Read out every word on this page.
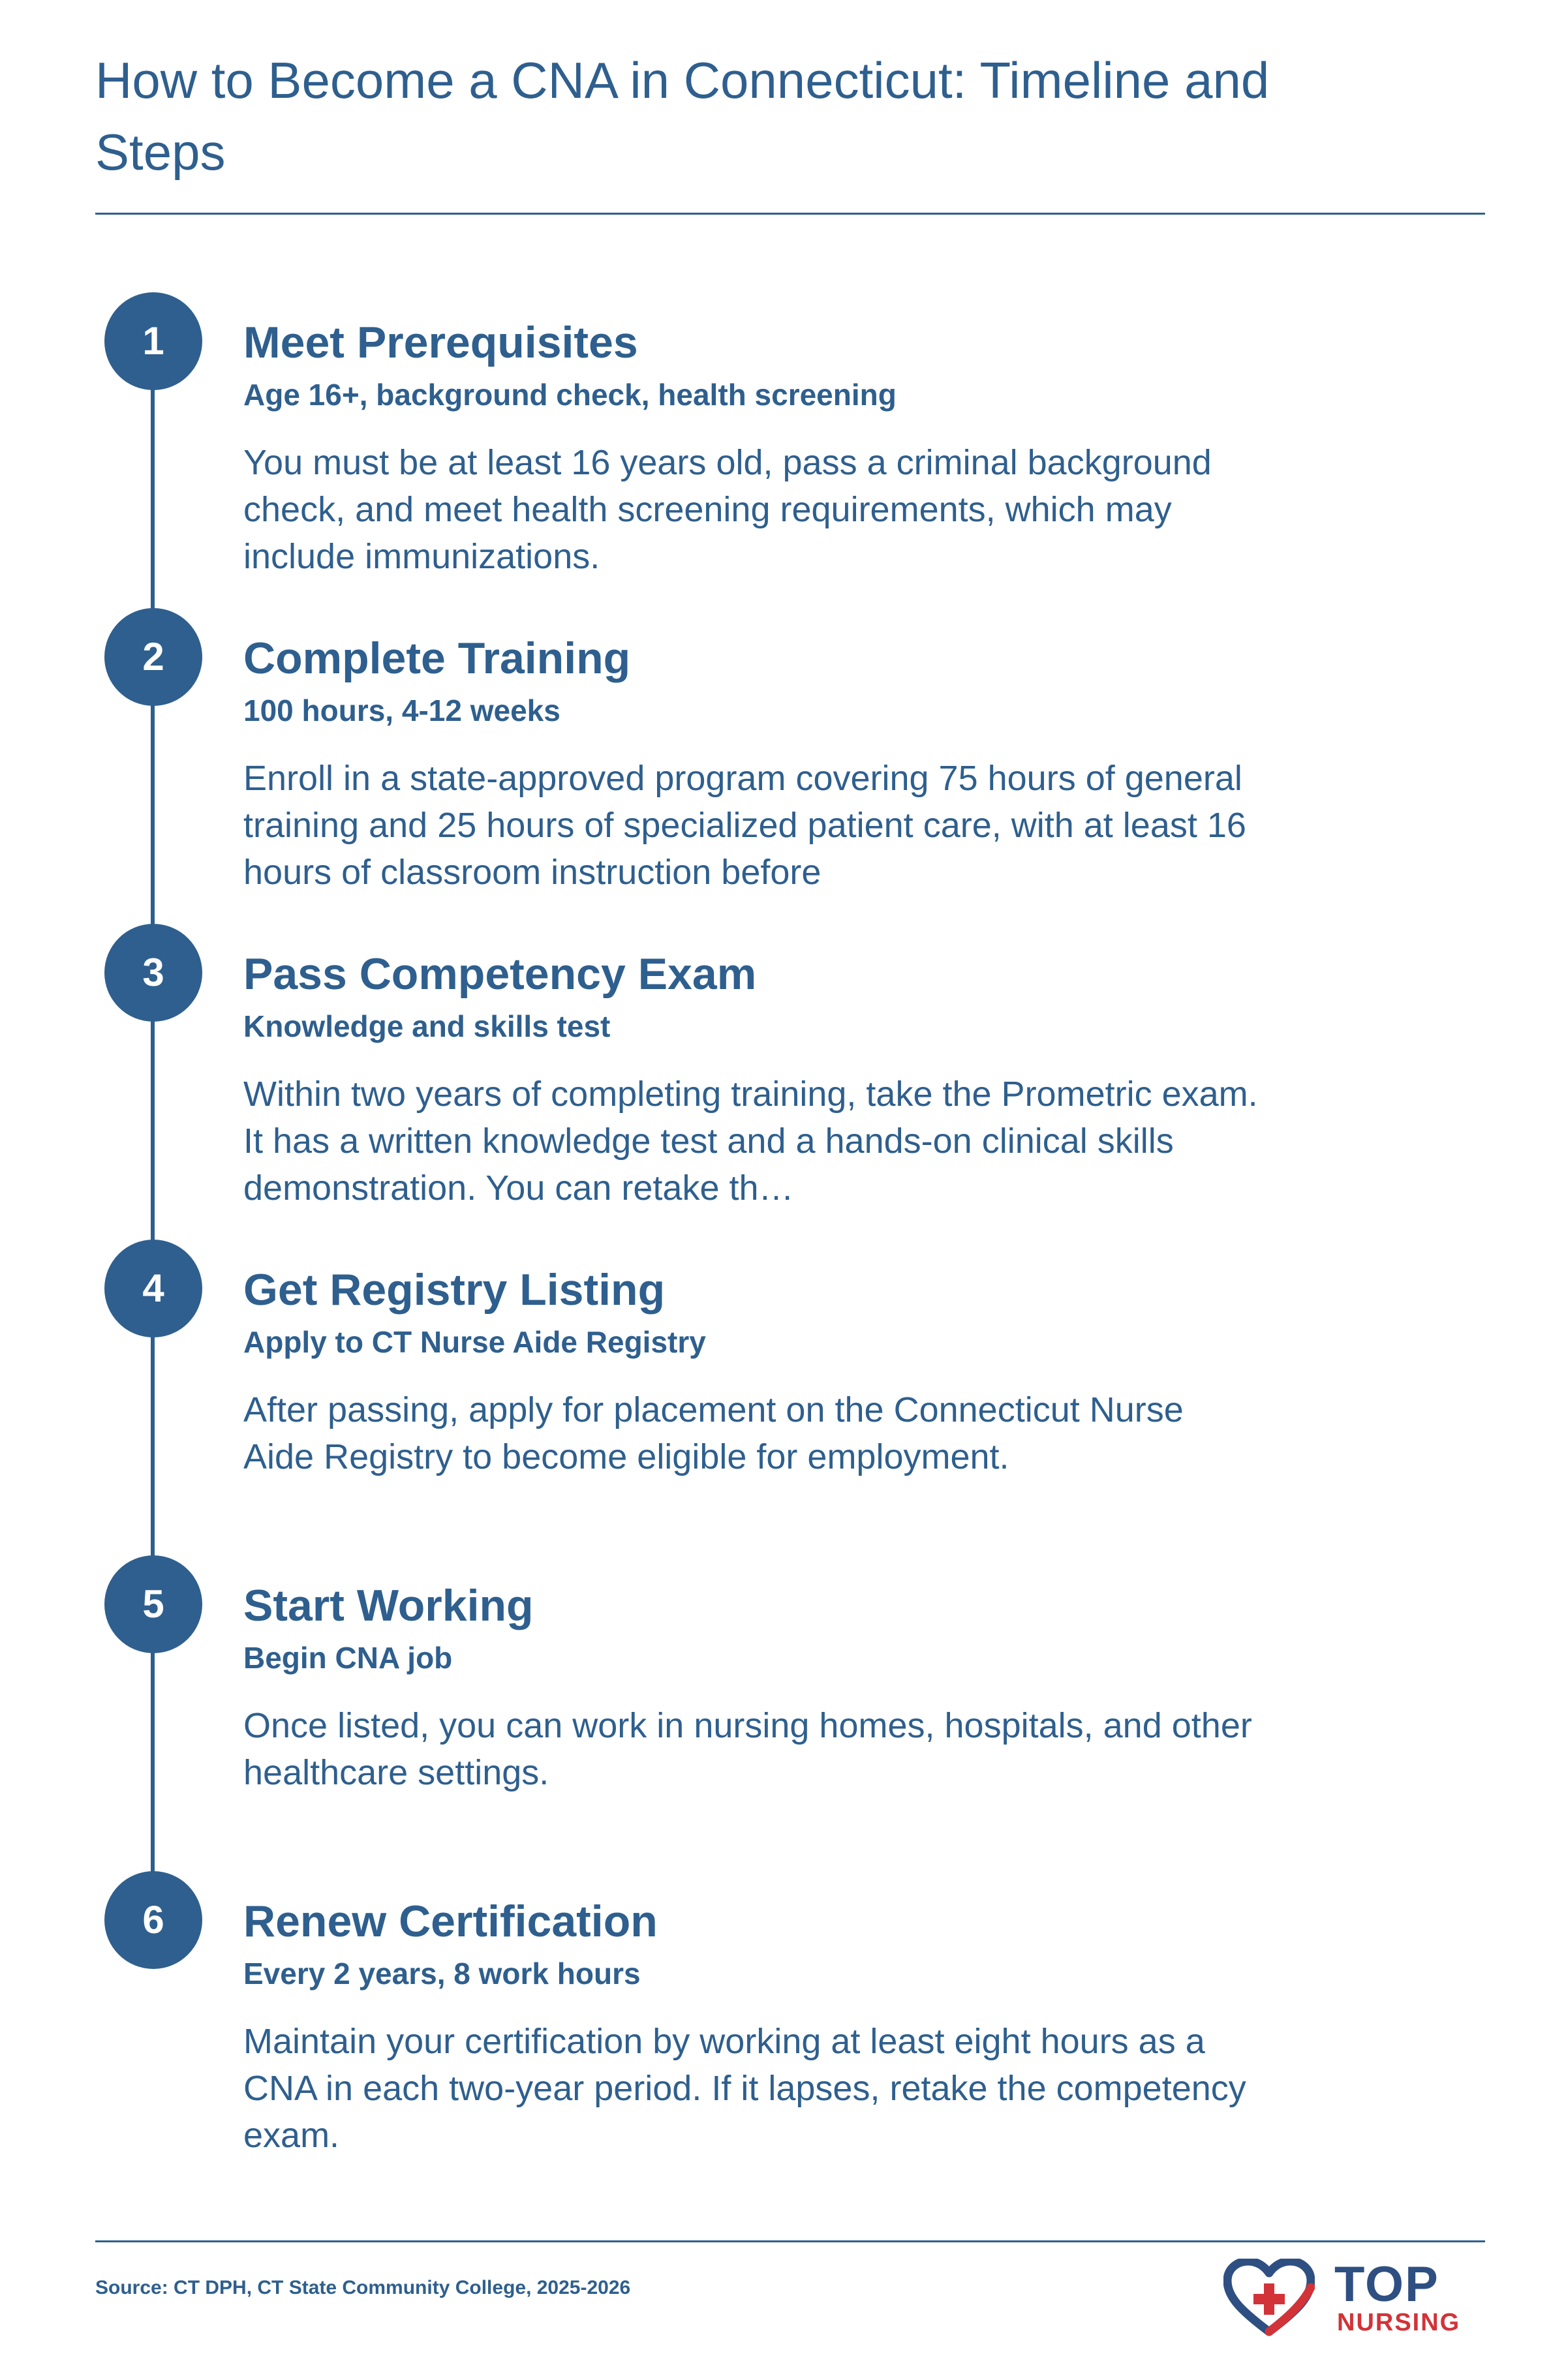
How to Become a CNA in Connecticut: Timeline and Steps
1	Meet Prerequisites
Age 16+, background check, health screening

You must be at least 16 years old, pass a criminal background check, and meet health screening requirements, which may include immunizations.

2	Complete Training
100 hours, 4-12 weeks

Enroll in a state-approved program covering 75 hours of general training and 25 hours of specialized patient care, with at least 16 hours of classroom instruction before

3	Pass Competency Exam
Knowledge and skills test

Within two years of completing training, take the Prometric exam. It has a written knowledge test and a hands-on clinical skills demonstration. You can retake th…

4	Get Registry Listing
Apply to CT Nurse Aide Registry

After passing, apply for placement on the Connecticut Nurse Aide Registry to become eligible for employment.

5	Start Working
Begin CNA job

Once listed, you can work in nursing homes, hospitals, and other healthcare settings.

6	Renew Certification
Every 2 years, 8 work hours

Maintain your certification by working at least eight hours as a CNA in each two-year period. If it lapses, retake the competency exam.

Source: CT DPH, CT State Community College, 2025-2026	TOP
NURSING
